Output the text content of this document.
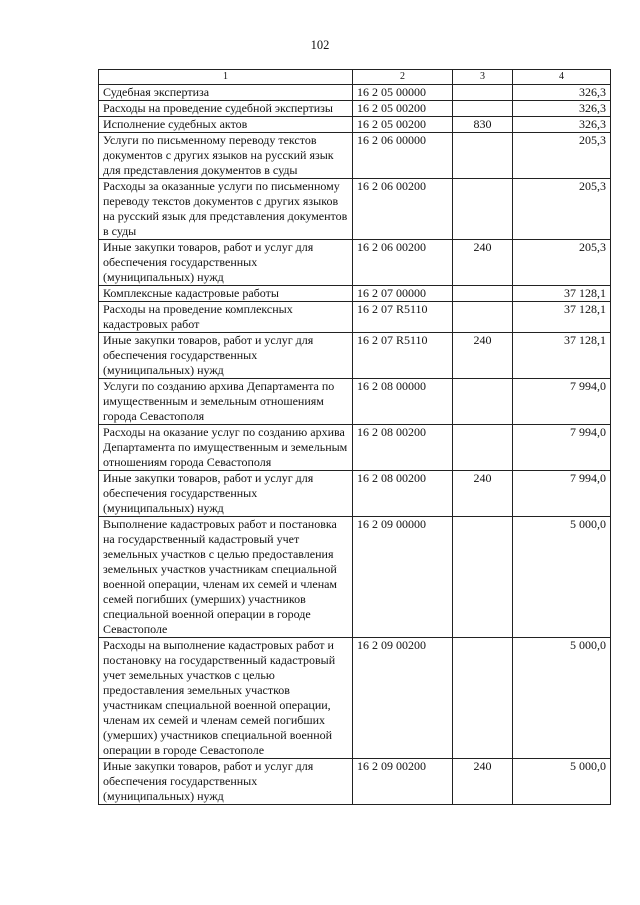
102
1	2	3	4
Судебная экспертиза	16 2 05 00000		326,3
Расходы на проведение судебной экспертизы	16 2 05 00200		326,3
Исполнение судебных актов	16 2 05 00200	830	326,3
Услуги по письменному переводу текстов документов с других языков на русский язык для представления документов в суды	16 2 06 00000		205,3
Расходы за оказанные услуги по письменному переводу текстов документов с других языков на русский язык для представления документов в суды	16 2 06 00200		205,3
Иные закупки товаров, работ и услуг для обеспечения государственных (муниципальных) нужд	16 2 06 00200	240	205,3
Комплексные кадастровые работы	16 2 07 00000		37 128,1
Расходы на проведение комплексных кадастровых работ	16 2 07 R5110		37 128,1
Иные закупки товаров, работ и услуг для обеспечения государственных (муниципальных) нужд	16 2 07 R5110	240	37 128,1
Услуги по созданию архива Департамента по имущественным и земельным отношениям города Севастополя	16 2 08 00000		7 994,0
Расходы на оказание услуг по созданию архива Департамента по имущественным и земельным отношениям города Севастополя	16 2 08 00200		7 994,0
Иные закупки товаров, работ и услуг для обеспечения государственных (муниципальных) нужд	16 2 08 00200	240	7 994,0
Выполнение кадастровых работ и постановка на государственный кадастровый учет земельных участков с целью предоставления земельных участков участникам специальной военной операции, членам их семей и членам семей погибших (умерших) участников специальной военной операции в городе Севастополе	16 2 09 00000		5 000,0
Расходы на выполнение кадастровых работ и постановку на государственный кадастровый учет земельных участков с целью предоставления земельных участков участникам специальной военной операции, членам их семей и членам семей погибших (умерших) участников специальной военной операции в городе Севастополе	16 2 09 00200		5 000,0
Иные закупки товаров, работ и услуг для обеспечения государственных (муниципальных) нужд	16 2 09 00200	240	5 000,0
